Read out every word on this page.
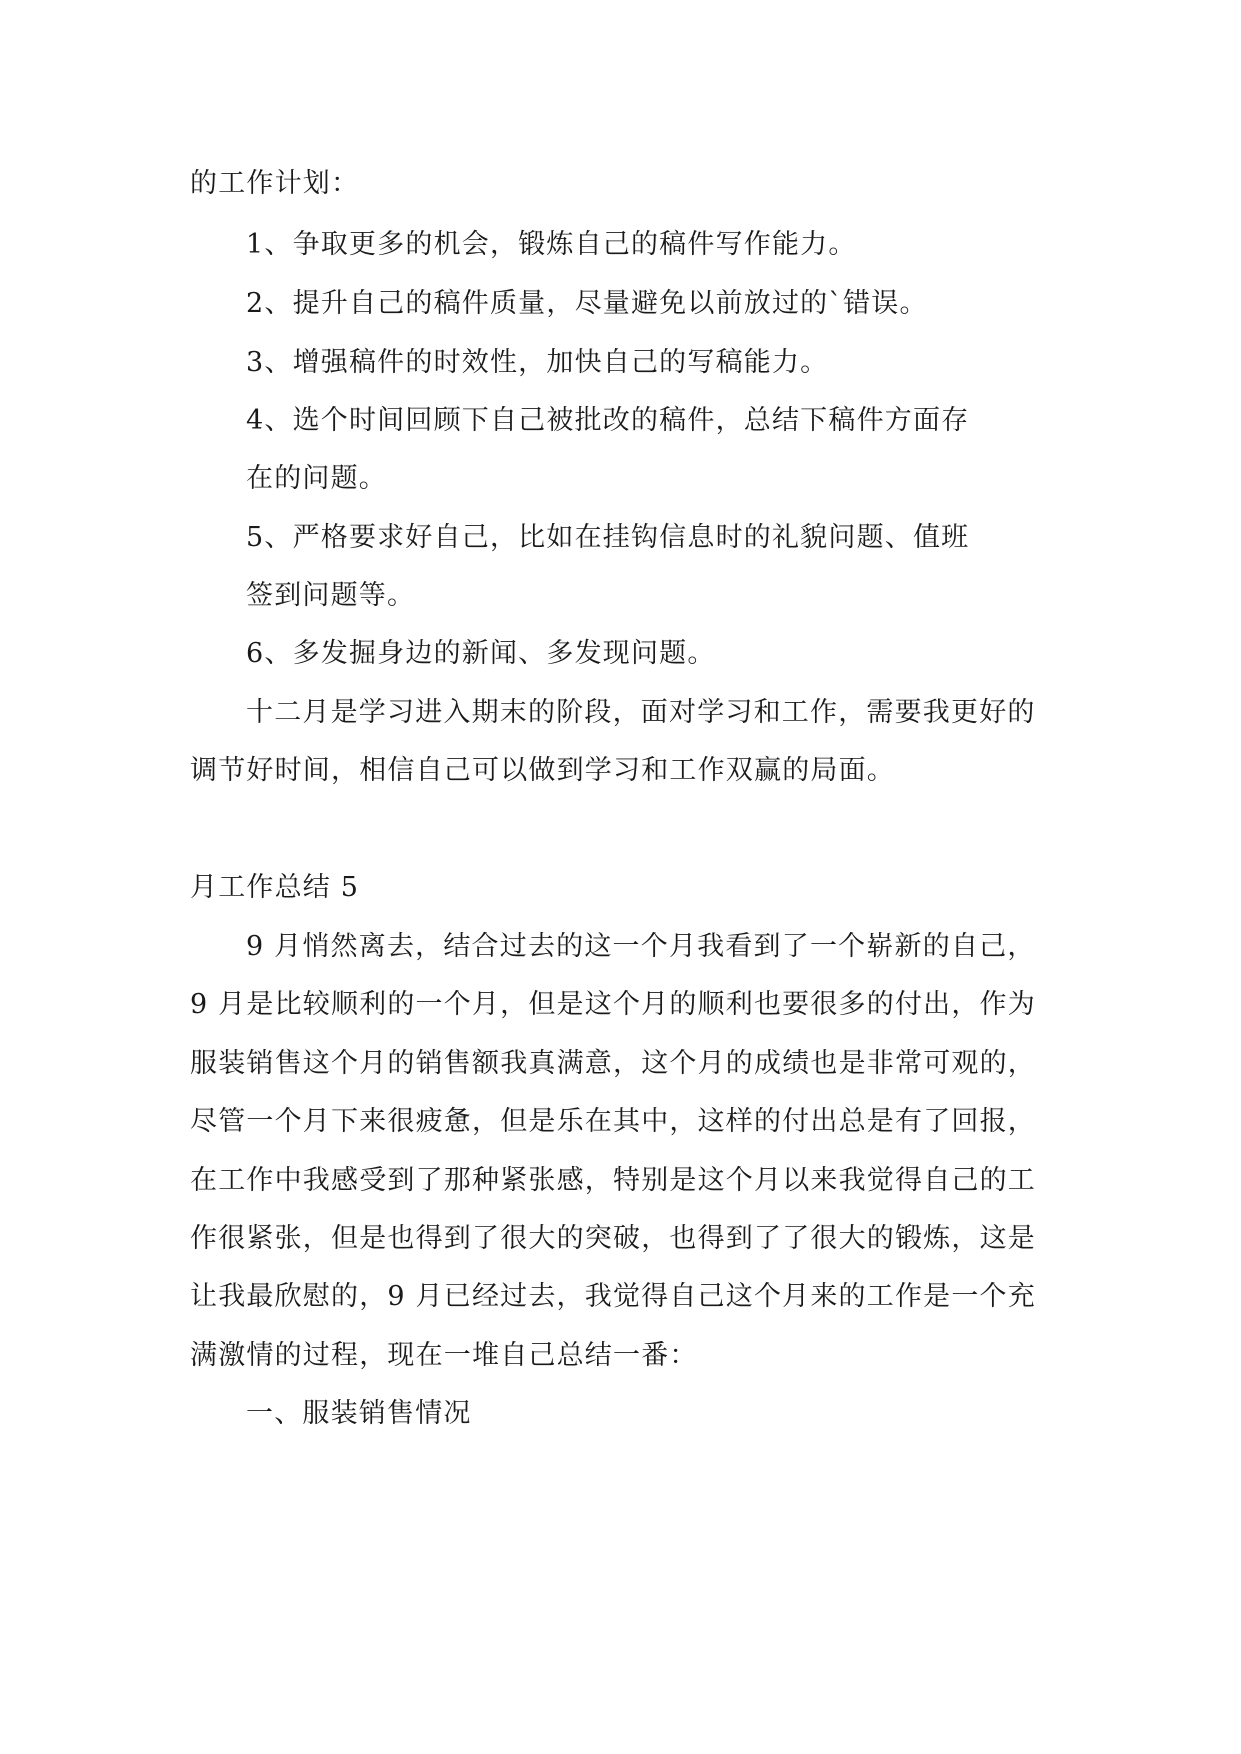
的工作计划：
1、争取更多的机会，锻炼自己的稿件写作能力。
2、提升自己的稿件质量，尽量避免以前放过的`错误。
3、增强稿件的时效性，加快自己的写稿能力。
4、选个时间回顾下自己被批改的稿件，总结下稿件方面存
在的问题。
5、严格要求好自己，比如在挂钩信息时的礼貌问题、值班
签到问题等。
6、多发掘身边的新闻、多发现问题。
十二月是学习进入期末的阶段，面对学习和工作，需要我更好的
调节好时间，相信自己可以做到学习和工作双赢的局面。
月工作总结 5
9 月悄然离去，结合过去的这一个月我看到了一个崭新的自己，
9 月是比较顺利的一个月，但是这个月的顺利也要很多的付出，作为
服装销售这个月的销售额我真满意，这个月的成绩也是非常可观的，
尽管一个月下来很疲惫，但是乐在其中，这样的付出总是有了回报，
在工作中我感受到了那种紧张感，特别是这个月以来我觉得自己的工
作很紧张，但是也得到了很大的突破，也得到了了很大的锻炼，这是
让我最欣慰的，9 月已经过去，我觉得自己这个月来的工作是一个充
满激情的过程，现在一堆自己总结一番：
一、服装销售情况
